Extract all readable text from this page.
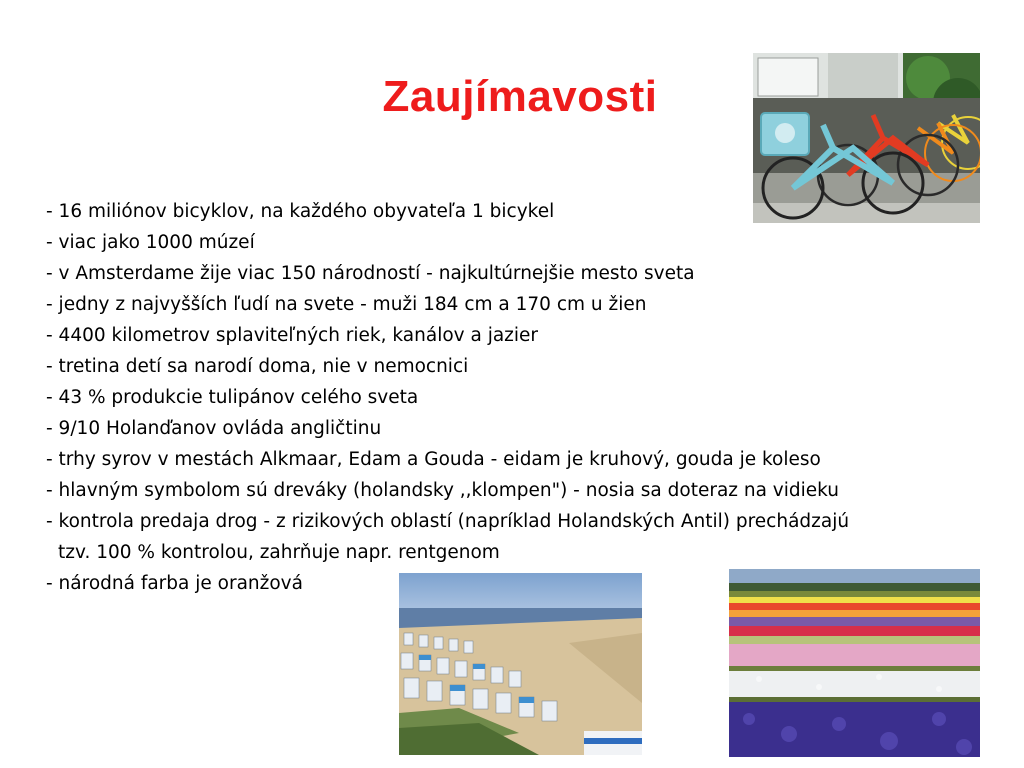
Zaujímavosti
- 16 miliónov bicyklov, na každého obyvateľa 1 bicykel
- viac jako 1000 múzeí
- v Amsterdame žije viac 150 národností - najkultúrnejšie mesto sveta
- jedny z najvyšších ľudí na svete - muži 184 cm a 170 cm u žien
- 4400 kilometrov splaviteľných riek, kanálov a jazier
- tretina detí sa narodí doma, nie v nemocnici
- 43 % produkcie tulipánov celého sveta
- 9/10 Holanďanov ovláda angličtinu
- trhy syrov v mestách Alkmaar, Edam a Gouda - eidam je kruhový, gouda je koleso
- hlavným symbolom sú dreváky (holandsky ,,klompen") - nosia sa doteraz na vidieku
- kontrola predaja drog - z rizikových oblastí (napríklad Holandských Antil) prechádzajú
tzv. 100 % kontrolou, zahrňuje napr. rentgenom
- národná farba je oranžová
